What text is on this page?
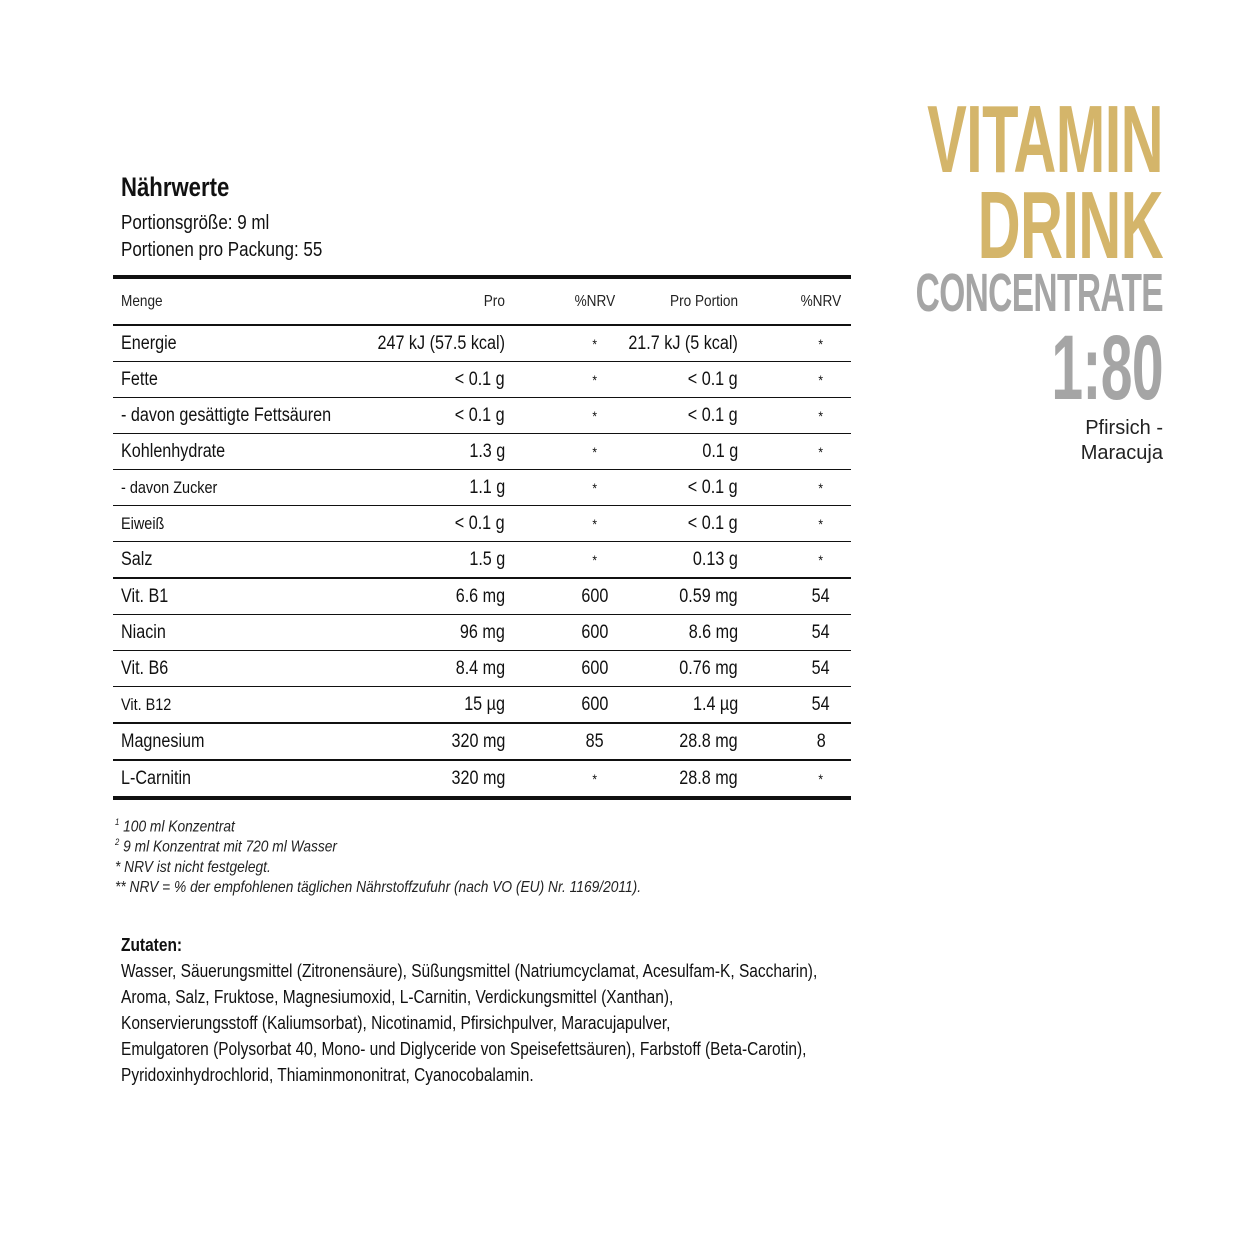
VITAMIN
DRINK
CONCENTRATE
1:80
Pfirsich -
Maracuja
Nährwerte
Portionsgröße: 9 ml
Portionen pro Packung: 55
Menge	Pro	%NRV	Pro Portion	%NRV
Energie	247 kJ (57.5 kcal)	* 21.7 kJ (5 kcal)	*
Fette	< 0.1 g	*	< 0.1 g	*
- davon gesättigte Fettsäuren	< 0.1 g	*	< 0.1 g	*
Kohlenhydrate	1.3 g	*	0.1 g	*
- davon Zucker	1.1 g	*	< 0.1 g	*
Eiweiß	< 0.1 g	*	< 0.1 g	*
Salz	1.5 g	*	0.13 g	*
Vit. B1	6.6 mg	600	0.59 mg	54
Niacin	96 mg	600	8.6 mg	54
Vit. B6	8.4 mg	600	0.76 mg	54
Vit. B12	15 µg	600	1.4 µg	54
Magnesium	320 mg	85	28.8 mg	8
L-Carnitin	320 mg	*	28.8 mg	*
$^1$ 100 ml Konzentrat
$^2$ 9 ml Konzentrat mit 720 ml Wasser
* NRV ist nicht festgelegt.
** NRV = % der empfohlenen täglichen Nährstoffzufuhr (nach VO (EU) Nr. 1169/2011).
Zutaten:
Wasser, Säuerungsmittel (Zitronensäure), Süßungsmittel (Natriumcyclamat, Acesulfam-K, Saccharin),
Aroma, Salz, Fruktose, Magnesiumoxid, L-Carnitin, Verdickungsmittel (Xanthan),
Konservierungsstoff (Kaliumsorbat), Nicotinamid, Pfirsichpulver, Maracujapulver,
Emulgatoren (Polysorbat 40, Mono- und Diglyceride von Speisefettsäuren), Farbstoff (Beta-Carotin),
Pyridoxinhydrochlorid, Thiaminmononitrat, Cyanocobalamin.
